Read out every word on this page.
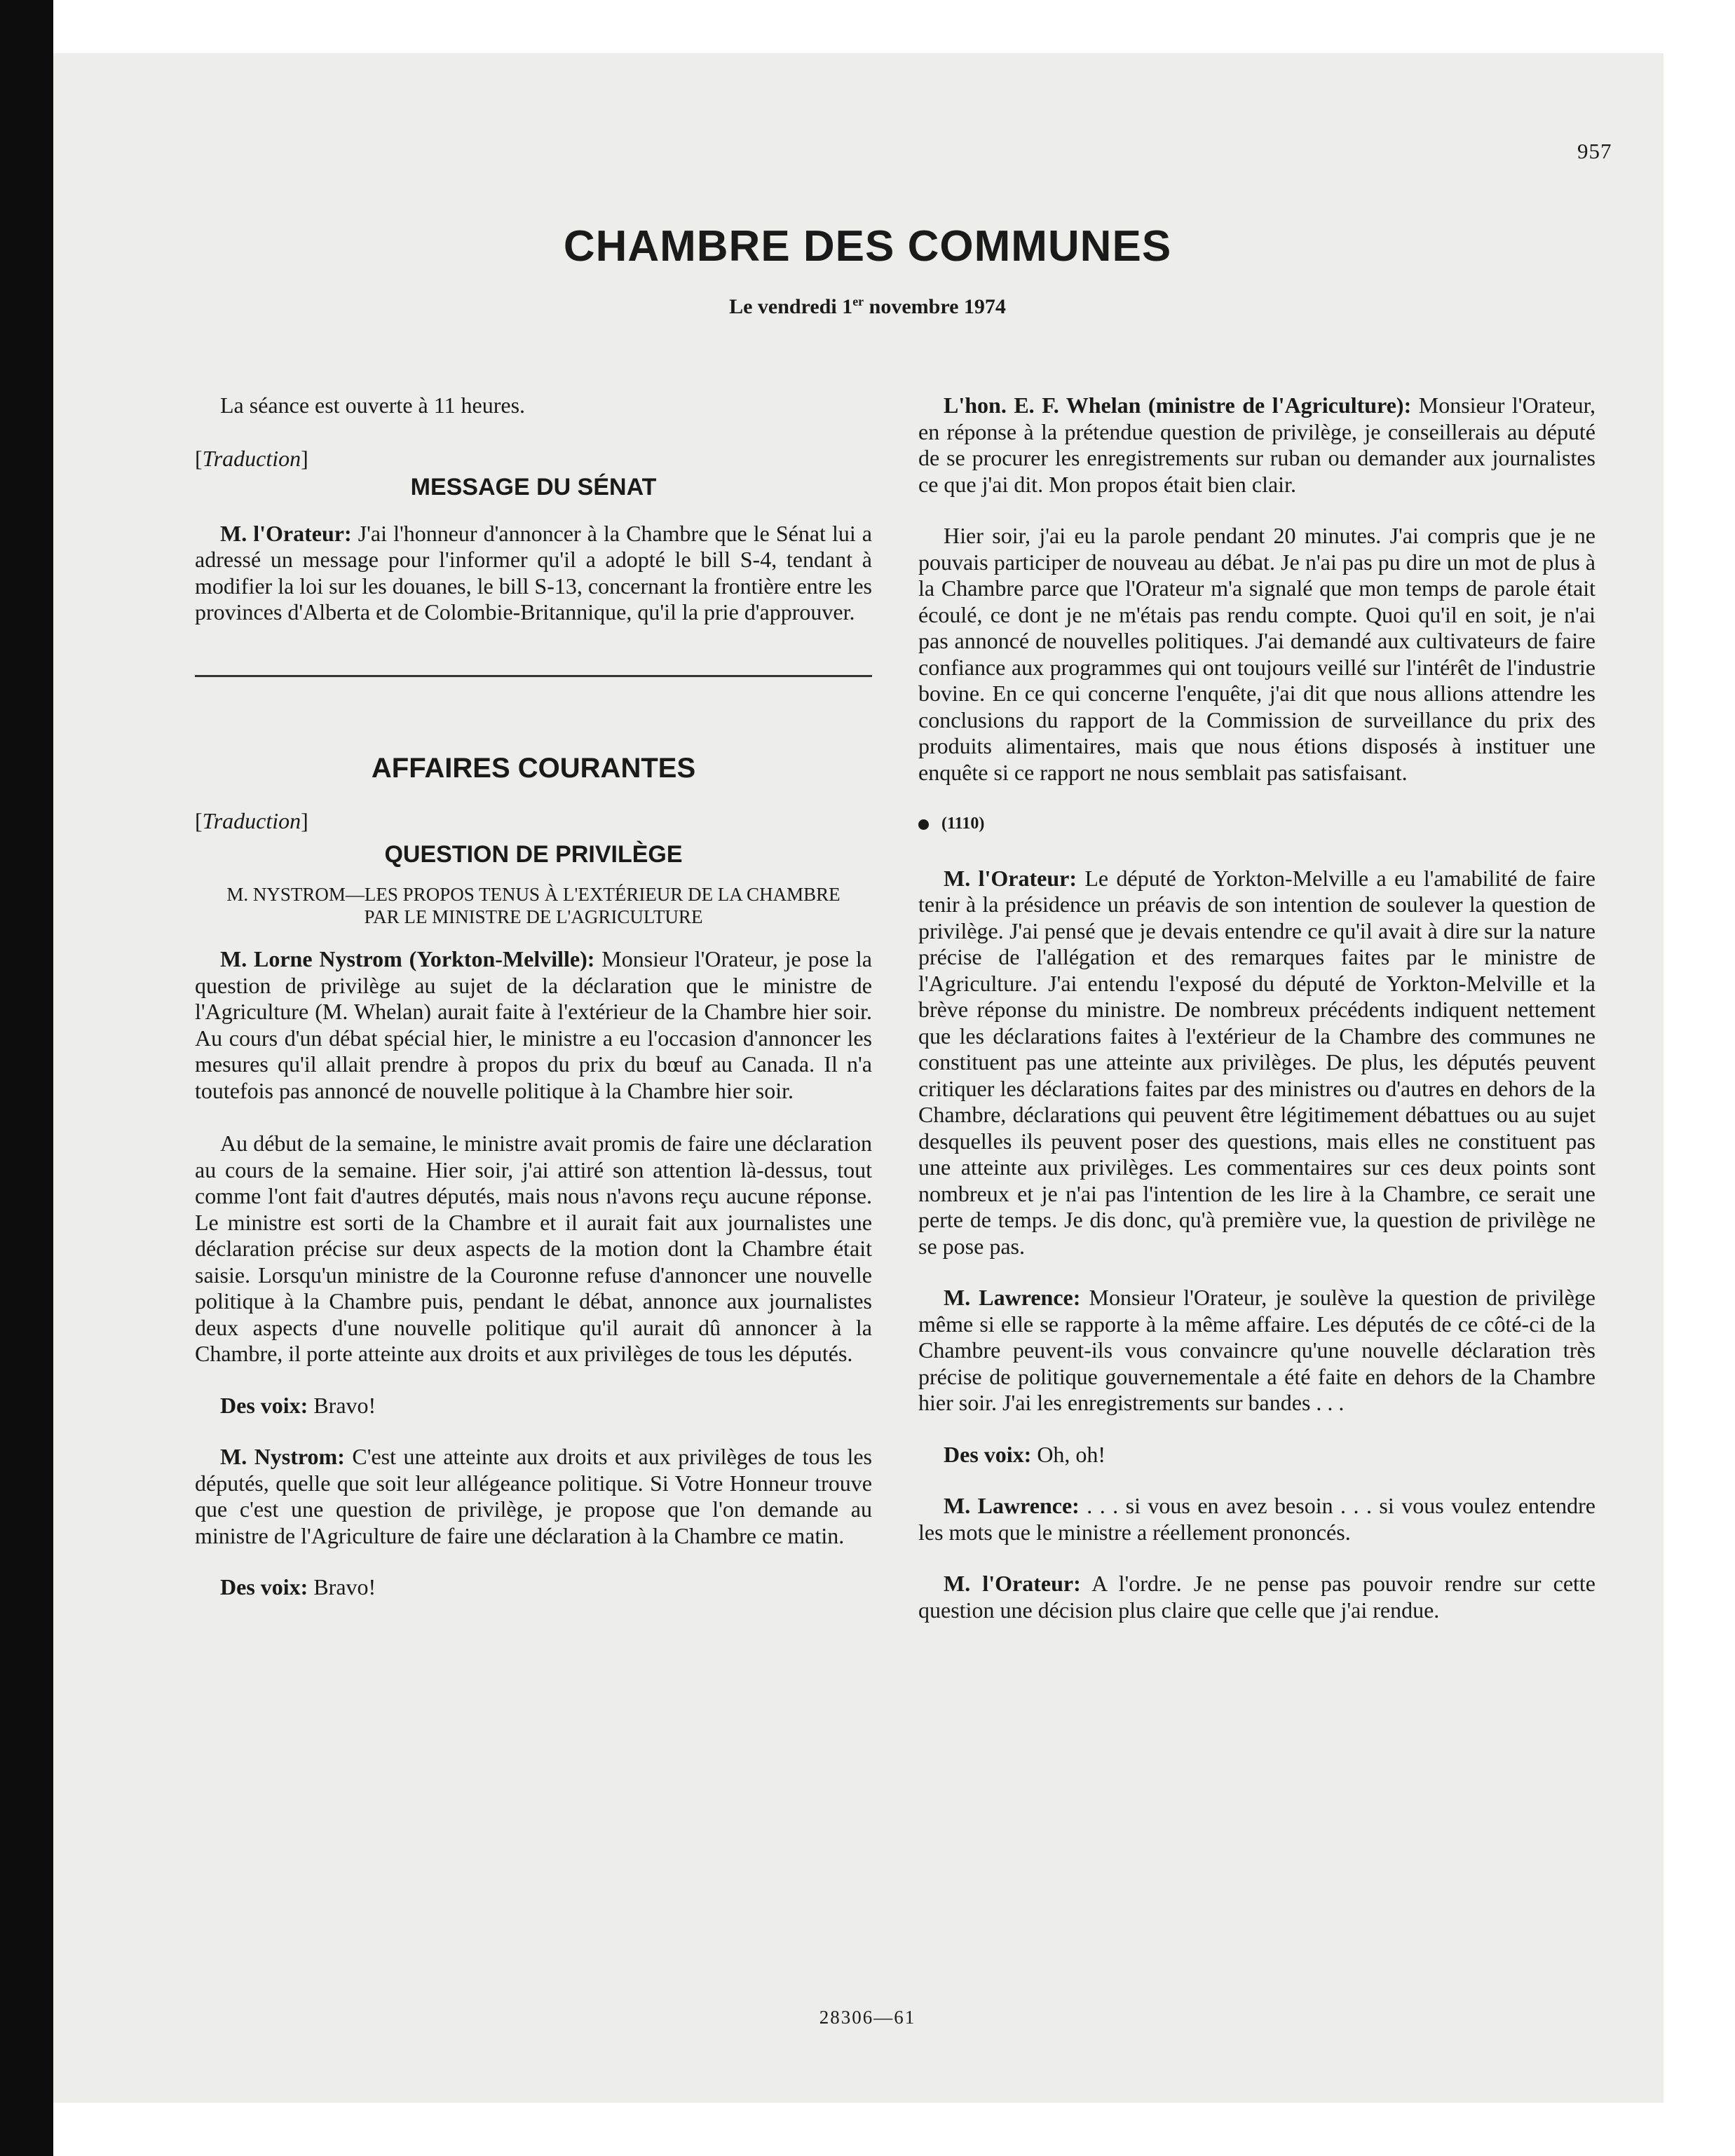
957
CHAMBRE DES COMMUNES
Le vendredi 1er novembre 1974

La séance est ouverte à 11 heures.

[ Traduction ]

MESSAGE DU SÉNAT

M. l'Orateur: J'ai l'honneur d'annoncer à la Chambre que le Sénat lui a adressé un message pour l'informer qu'il a adopté le bill S-4, tendant à modifier la loi sur les douanes, le bill S-13, concernant la frontière entre les provinces d'Alberta et de Colombie-Britannique, qu'il la prie d'approuver.

AFFAIRES COURANTES

[ Traduction ]

QUESTION DE PRIVILÈGE

M. NYSTROM—LES PROPOS TENUS À L'EXTÉRIEUR DE LA CHAMBRE PAR LE MINISTRE DE L'AGRICULTURE

M. Lorne Nystrom (Yorkton-Melville): Monsieur l'Orateur, je pose la question de privilège au sujet de la déclaration que le ministre de l'Agriculture (M. Whelan) aurait faite à l'extérieur de la Chambre hier soir. Au cours d'un débat spécial hier, le ministre a eu l'occasion d'annoncer les mesures qu'il allait prendre à propos du prix du bœuf au Canada. Il n'a toutefois pas annoncé de nouvelle politique à la Chambre hier soir.

Au début de la semaine, le ministre avait promis de faire une déclaration au cours de la semaine. Hier soir, j'ai attiré son attention là-dessus, tout comme l'ont fait d'autres députés, mais nous n'avons reçu aucune réponse. Le ministre est sorti de la Chambre et il aurait fait aux journalistes une déclaration précise sur deux aspects de la motion dont la Chambre était saisie. Lorsqu'un ministre de la Couronne refuse d'annoncer une nouvelle politique à la Chambre puis, pendant le débat, annonce aux journalistes deux aspects d'une nouvelle politique qu'il aurait dû annoncer à la Chambre, il porte atteinte aux droits et aux privilèges de tous les députés.

Des voix: Bravo!

M. Nystrom: C'est une atteinte aux droits et aux privilèges de tous les députés, quelle que soit leur allégeance politique. Si Votre Honneur trouve que c'est une question de privilège, je propose que l'on demande au ministre de l'Agriculture de faire une déclaration à la Chambre ce matin.

Des voix: Bravo!

L'hon. E. F. Whelan (ministre de l'Agriculture): Monsieur l'Orateur, en réponse à la prétendue question de privilège, je conseillerais au député de se procurer les enregistrements sur ruban ou demander aux journalistes ce que j'ai dit. Mon propos était bien clair.

Hier soir, j'ai eu la parole pendant 20 minutes. J'ai compris que je ne pouvais participer de nouveau au débat. Je n'ai pas pu dire un mot de plus à la Chambre parce que l'Orateur m'a signalé que mon temps de parole était écoulé, ce dont je ne m'étais pas rendu compte. Quoi qu'il en soit, je n'ai pas annoncé de nouvelles politiques. J'ai demandé aux cultivateurs de faire confiance aux programmes qui ont toujours veillé sur l'intérêt de l'industrie bovine. En ce qui concerne l'enquête, j'ai dit que nous allions attendre les conclusions du rapport de la Commission de surveillance du prix des produits alimentaires, mais que nous étions disposés à instituer une enquête si ce rapport ne nous semblait pas satisfaisant.

(1110)

M. l'Orateur: Le député de Yorkton-Melville a eu l'amabilité de faire tenir à la présidence un préavis de son intention de soulever la question de privilège. J'ai pensé que je devais entendre ce qu'il avait à dire sur la nature précise de l'allégation et des remarques faites par le ministre de l'Agriculture. J'ai entendu l'exposé du député de Yorkton-Melville et la brève réponse du ministre. De nombreux précédents indiquent nettement que les déclarations faites à l'extérieur de la Chambre des communes ne constituent pas une atteinte aux privilèges. De plus, les députés peuvent critiquer les déclarations faites par des ministres ou d'autres en dehors de la Chambre, déclarations qui peuvent être légitimement débattues ou au sujet desquelles ils peuvent poser des questions, mais elles ne constituent pas une atteinte aux privilèges. Les commentaires sur ces deux points sont nombreux et je n'ai pas l'intention de les lire à la Chambre, ce serait une perte de temps. Je dis donc, qu'à première vue, la question de privilège ne se pose pas.

M. Lawrence: Monsieur l'Orateur, je soulève la question de privilège même si elle se rapporte à la même affaire. Les députés de ce côté-ci de la Chambre peuvent-ils vous convaincre qu'une nouvelle déclaration très précise de politique gouvernementale a été faite en dehors de la Chambre hier soir. J'ai les enregistrements sur bandes . . .

Des voix: Oh, oh!

M. Lawrence: . . . si vous en avez besoin . . . si vous voulez entendre les mots que le ministre a réellement prononcés.

M. l'Orateur: A l'ordre. Je ne pense pas pouvoir rendre sur cette question une décision plus claire que celle que j'ai rendue.

28306—61
